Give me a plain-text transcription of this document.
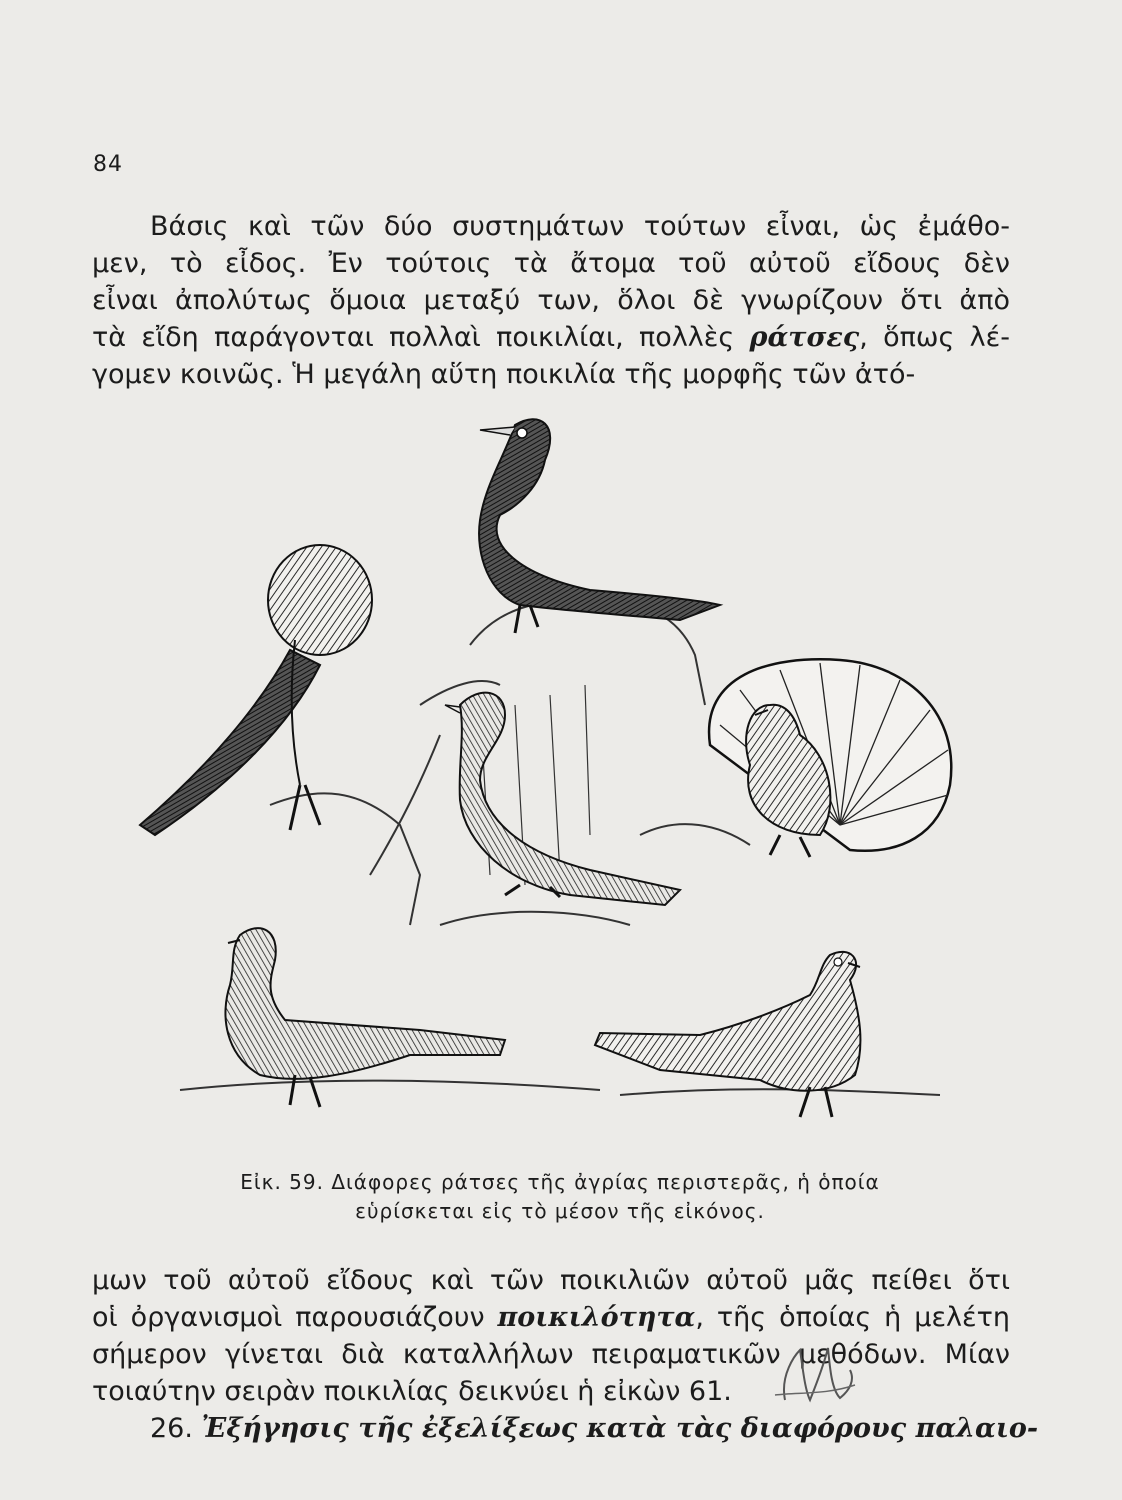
84
Βάσις καὶ τῶν δύο συστημάτων τούτων εἶναι, ὡς ἐμάθο-
μεν, τὸ εἶδος. Ἐν τούτοις τὰ ἄτομα τοῦ αὐτοῦ εἴδους δὲν
εἶναι ἀπολύτως ὅμοια μεταξύ των, ὅλοι δὲ γνωρίζουν ὅτι ἀπὸ
τὰ εἴδη παράγονται πολλαὶ ποικιλίαι, πολλὲς ράτσες, ὅπως λέ-
γομεν κοινῶς. Ἡ μεγάλη αὕτη ποικιλία τῆς μορφῆς τῶν ἀτό-
Εἰκ. 59. Διάφορες ράτσες τῆς ἀγρίας περιστερᾶς, ἡ ὁποία
εὑρίσκεται εἰς τὸ μέσον τῆς εἰκόνος.
μων τοῦ αὐτοῦ εἴδους καὶ τῶν ποικιλιῶν αὐτοῦ μᾶς πείθει ὅτι
οἱ ὀργανισμοὶ παρουσιάζουν ποικιλότητα, τῆς ὁποίας ἡ μελέτη
σήμερον γίνεται διὰ καταλλήλων πειραματικῶν μεθόδων. Μίαν
τοιαύτην σειρὰν ποικιλίας δεικνύει ἡ εἰκὼν 61.
26. Ἐξήγησις τῆς ἐξελίξεως κατὰ τὰς διαφόρους παλαιο-
